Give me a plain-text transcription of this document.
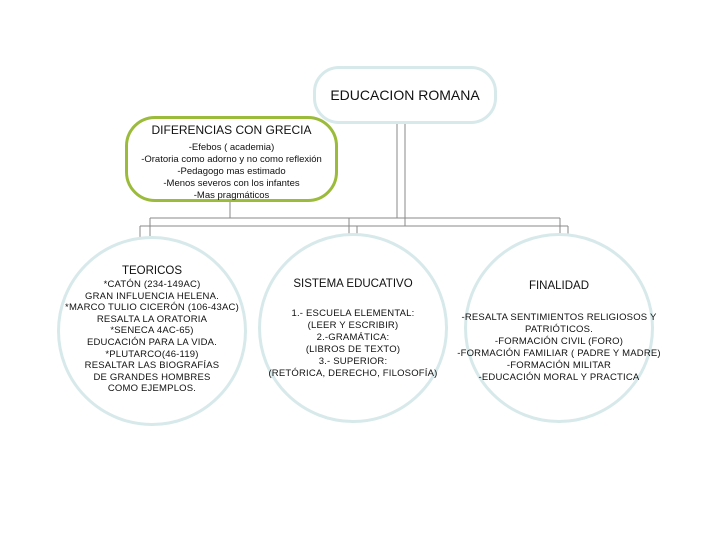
EDUCACION ROMANA
DIFERENCIAS CON GRECIA
-Efebos ( academia)
-Oratoria como adorno y no como reflexión
-Pedagogo mas estimado
-Menos severos con los infantes
-Mas pragmáticos
TEORICOS
*CATÓN (234-149AC)
GRAN INFLUENCIA HELENA.
*MARCO TULIO CICERÓN (106-43AC)
RESALTA LA ORATORIA
*SENECA 4AC-65)
EDUCACIÓN PARA LA VIDA.
*PLUTARCO(46-119)
RESALTAR LAS BIOGRAFÍAS
DE GRANDES HOMBRES
COMO EJEMPLOS.
SISTEMA EDUCATIVO
1.- ESCUELA ELEMENTAL:
(LEER Y ESCRIBIR)
2.-GRAMÁTICA:
(LIBROS DE TEXTO)
3.- SUPERIOR:
(RETÓRICA, DERECHO, FILOSOFÍA)
FINALIDAD
-RESALTA SENTIMIENTOS RELIGIOSOS Y
PATRIÓTICOS.
-FORMACIÓN CIVIL (FORO)
-FORMACIÓN FAMILIAR ( PADRE Y MADRE)
-FORMACIÓN MILITAR
-EDUCACIÓN MORAL Y PRACTICA
